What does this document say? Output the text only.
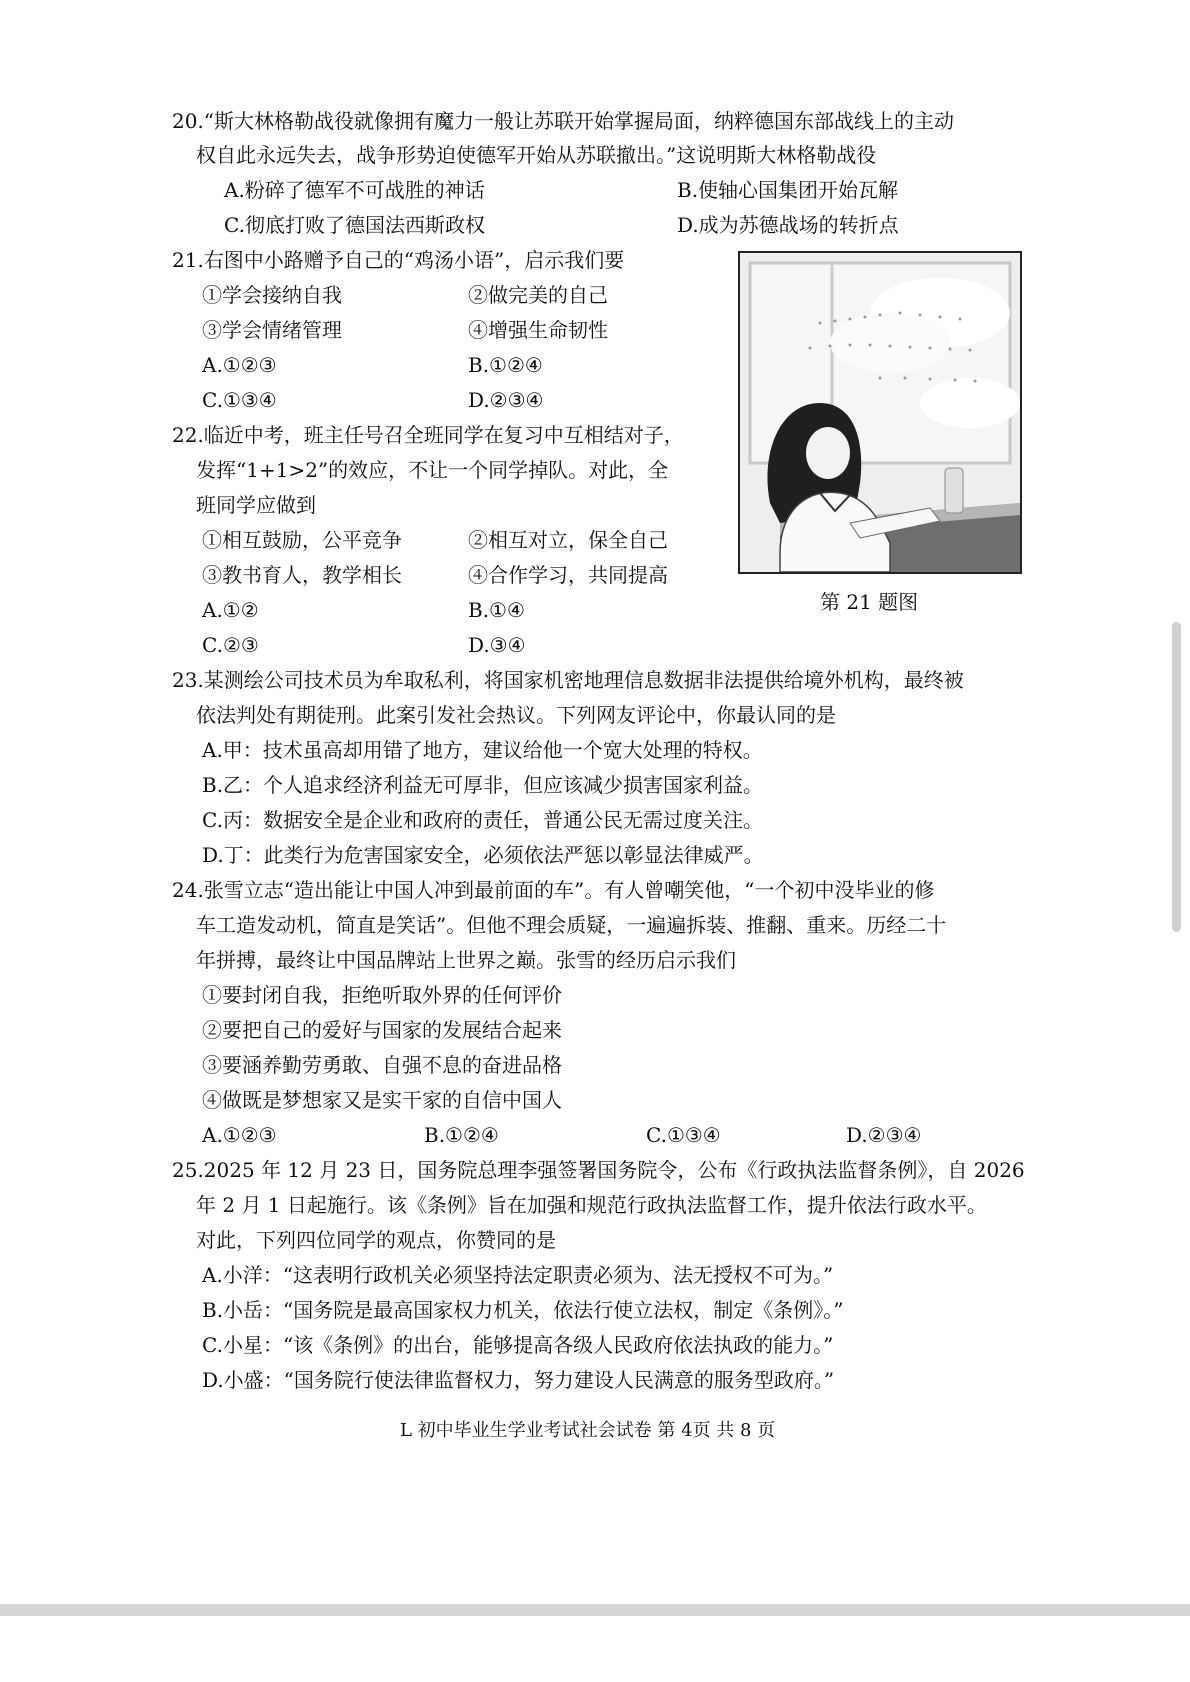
20.“斯大林格勒战役就像拥有魔力一般让苏联开始掌握局面，纳粹德国东部战线上的主动
权自此永远失去，战争形势迫使德军开始从苏联撤出。”这说明斯大林格勒战役
A.粉碎了德军不可战胜的神话	B.使轴心国集团开始瓦解
C.彻底打败了德国法西斯政权	D.成为苏德战场的转折点
21.右图中小路赠予自己的“鸡汤小语”，启示我们要
①学会接纳自我	②做完美的自己
③学会情绪管理	④增强生命韧性
A.①②③	B.①②④
C.①③④	D.②③④
第 21 题图
22.临近中考，班主任号召全班同学在复习中互相结对子，
发挥“1+1>2”的效应，不让一个同学掉队。对此，全
班同学应做到
①相互鼓励，公平竞争	②相互对立，保全自己
③教书育人，教学相长	④合作学习，共同提高
A.①②	B.①④
C.②③	D.③④
23.某测绘公司技术员为牟取私利，将国家机密地理信息数据非法提供给境外机构，最终被
依法判处有期徒刑。此案引发社会热议。下列网友评论中，你最认同的是
A.甲：技术虽高却用错了地方，建议给他一个宽大处理的特权。
B.乙：个人追求经济利益无可厚非，但应该减少损害国家利益。
C.丙：数据安全是企业和政府的责任，普通公民无需过度关注。
D.丁：此类行为危害国家安全，必须依法严惩以彰显法律威严。
24.张雪立志“造出能让中国人冲到最前面的车”。有人曾嘲笑他，“一个初中没毕业的修
车工造发动机，简直是笑话”。但他不理会质疑，一遍遍拆装、推翻、重来。历经二十
年拼搏，最终让中国品牌站上世界之巅。张雪的经历启示我们
①要封闭自我，拒绝听取外界的任何评价
②要把自己的爱好与国家的发展结合起来
③要涵养勤劳勇敢、自强不息的奋进品格
④做既是梦想家又是实干家的自信中国人
A.①②③	B.①②④	C.①③④	D.②③④
25.2025 年 12 月 23 日，国务院总理李强签署国务院令，公布《行政执法监督条例》，自 2026
年 2 月 1 日起施行。该《条例》旨在加强和规范行政执法监督工作，提升依法行政水平。
对此，下列四位同学的观点，你赞同的是
A.小洋：“这表明行政机关必须坚持法定职责必须为、法无授权不可为。”
B.小岳：“国务院是最高国家权力机关，依法行使立法权，制定《条例》。”
C.小星：“该《条例》的出台，能够提高各级人民政府依法执政的能力。”
D.小盛：“国务院行使法律监督权力，努力建设人民满意的服务型政府。”
L 初中毕业生学业考试社会试卷 第 4页 共 8 页
